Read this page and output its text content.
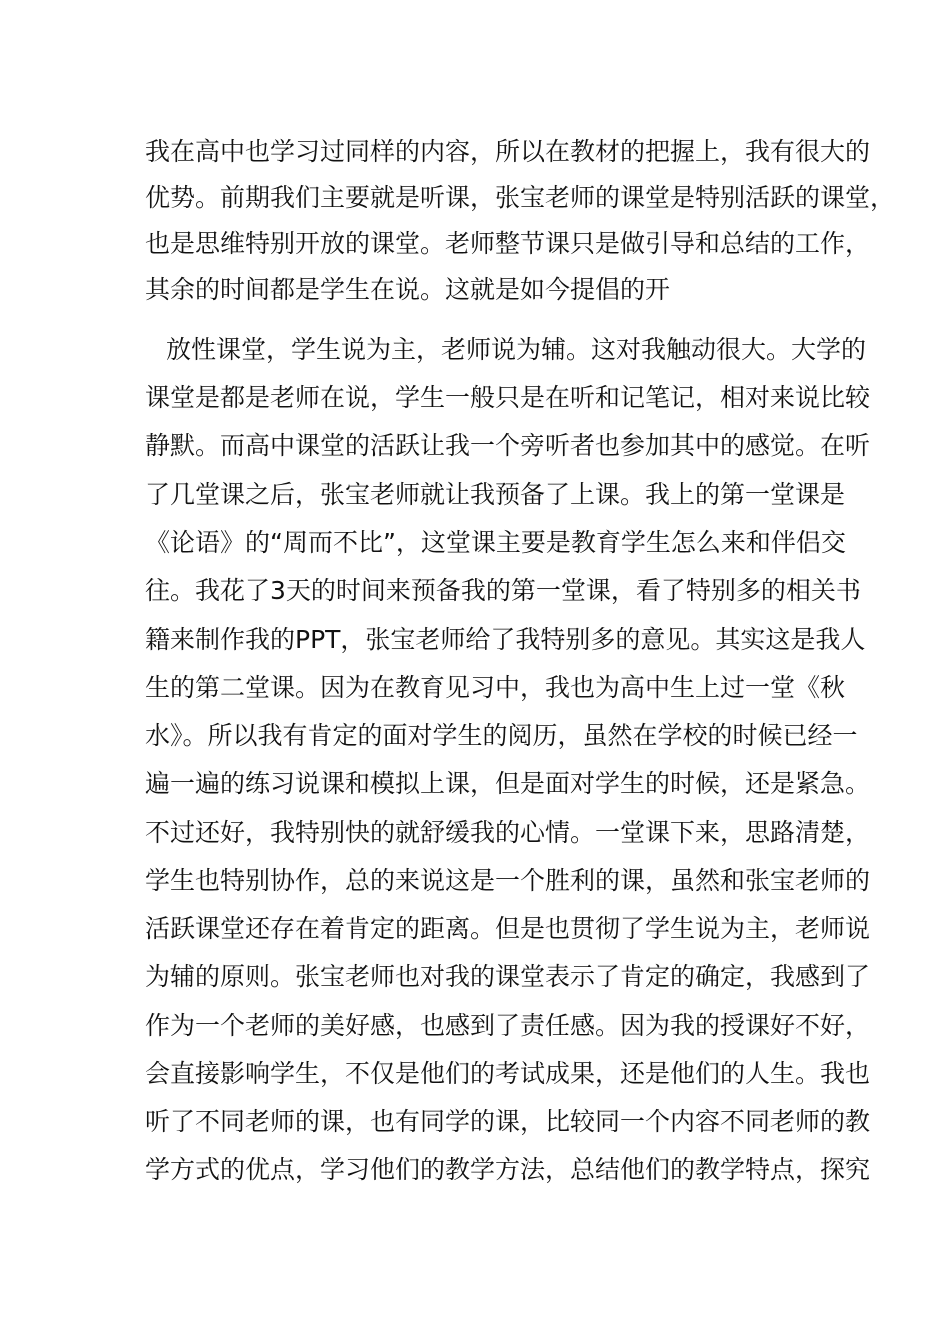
我在高中也学习过同样的内容，所以在教材的把握上，我有很大的
优势。前期我们主要就是听课，张宝老师的课堂是特别活跃的课堂，
也是思维特别开放的课堂。老师整节课只是做引导和总结的工作，
其余的时间都是学生在说。这就是如今提倡的开
放性课堂，学生说为主，老师说为辅。这对我触动很大。大学的
课堂是都是老师在说，学生一般只是在听和记笔记，相对来说比较
静默。而高中课堂的活跃让我一个旁听者也参加其中的感觉。在听
了几堂课之后，张宝老师就让我预备了上课。我上的第一堂课是
《论语》的“周而不比”，这堂课主要是教育学生怎么来和伴侣交
往。我花了3天的时间来预备我的第一堂课，看了特别多的相关书
籍来制作我的PPT，张宝老师给了我特别多的意见。其实这是我人
生的第二堂课。因为在教育见习中，我也为高中生上过一堂《秋
水》。所以我有肯定的面对学生的阅历，虽然在学校的时候已经一
遍一遍的练习说课和模拟上课，但是面对学生的时候，还是紧急。
不过还好，我特别快的就舒缓我的心情。一堂课下来，思路清楚，
学生也特别协作，总的来说这是一个胜利的课，虽然和张宝老师的
活跃课堂还存在着肯定的距离。但是也贯彻了学生说为主，老师说
为辅的原则。张宝老师也对我的课堂表示了肯定的确定，我感到了
作为一个老师的美好感，也感到了责任感。因为我的授课好不好，
会直接影响学生，不仅是他们的考试成果，还是他们的人生。我也
听了不同老师的课，也有同学的课，比较同一个内容不同老师的教
学方式的优点，学习他们的教学方法，总结他们的教学特点，探究
